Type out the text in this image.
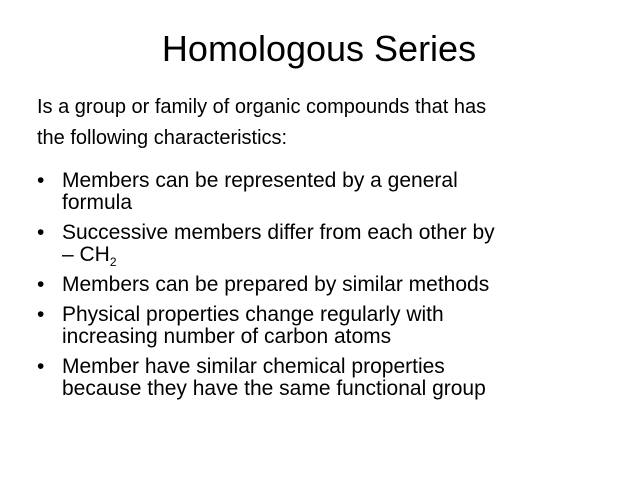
Homologous Series

Is a group or family of organic compounds that has
the following characteristics:

• Members can be represented by a general
formula
• Successive members differ from each other by
– $CH_2$
• Members can be prepared by similar methods
• Physical properties change regularly with
increasing number of carbon atoms
• Member have similar chemical properties
because they have the same functional group
